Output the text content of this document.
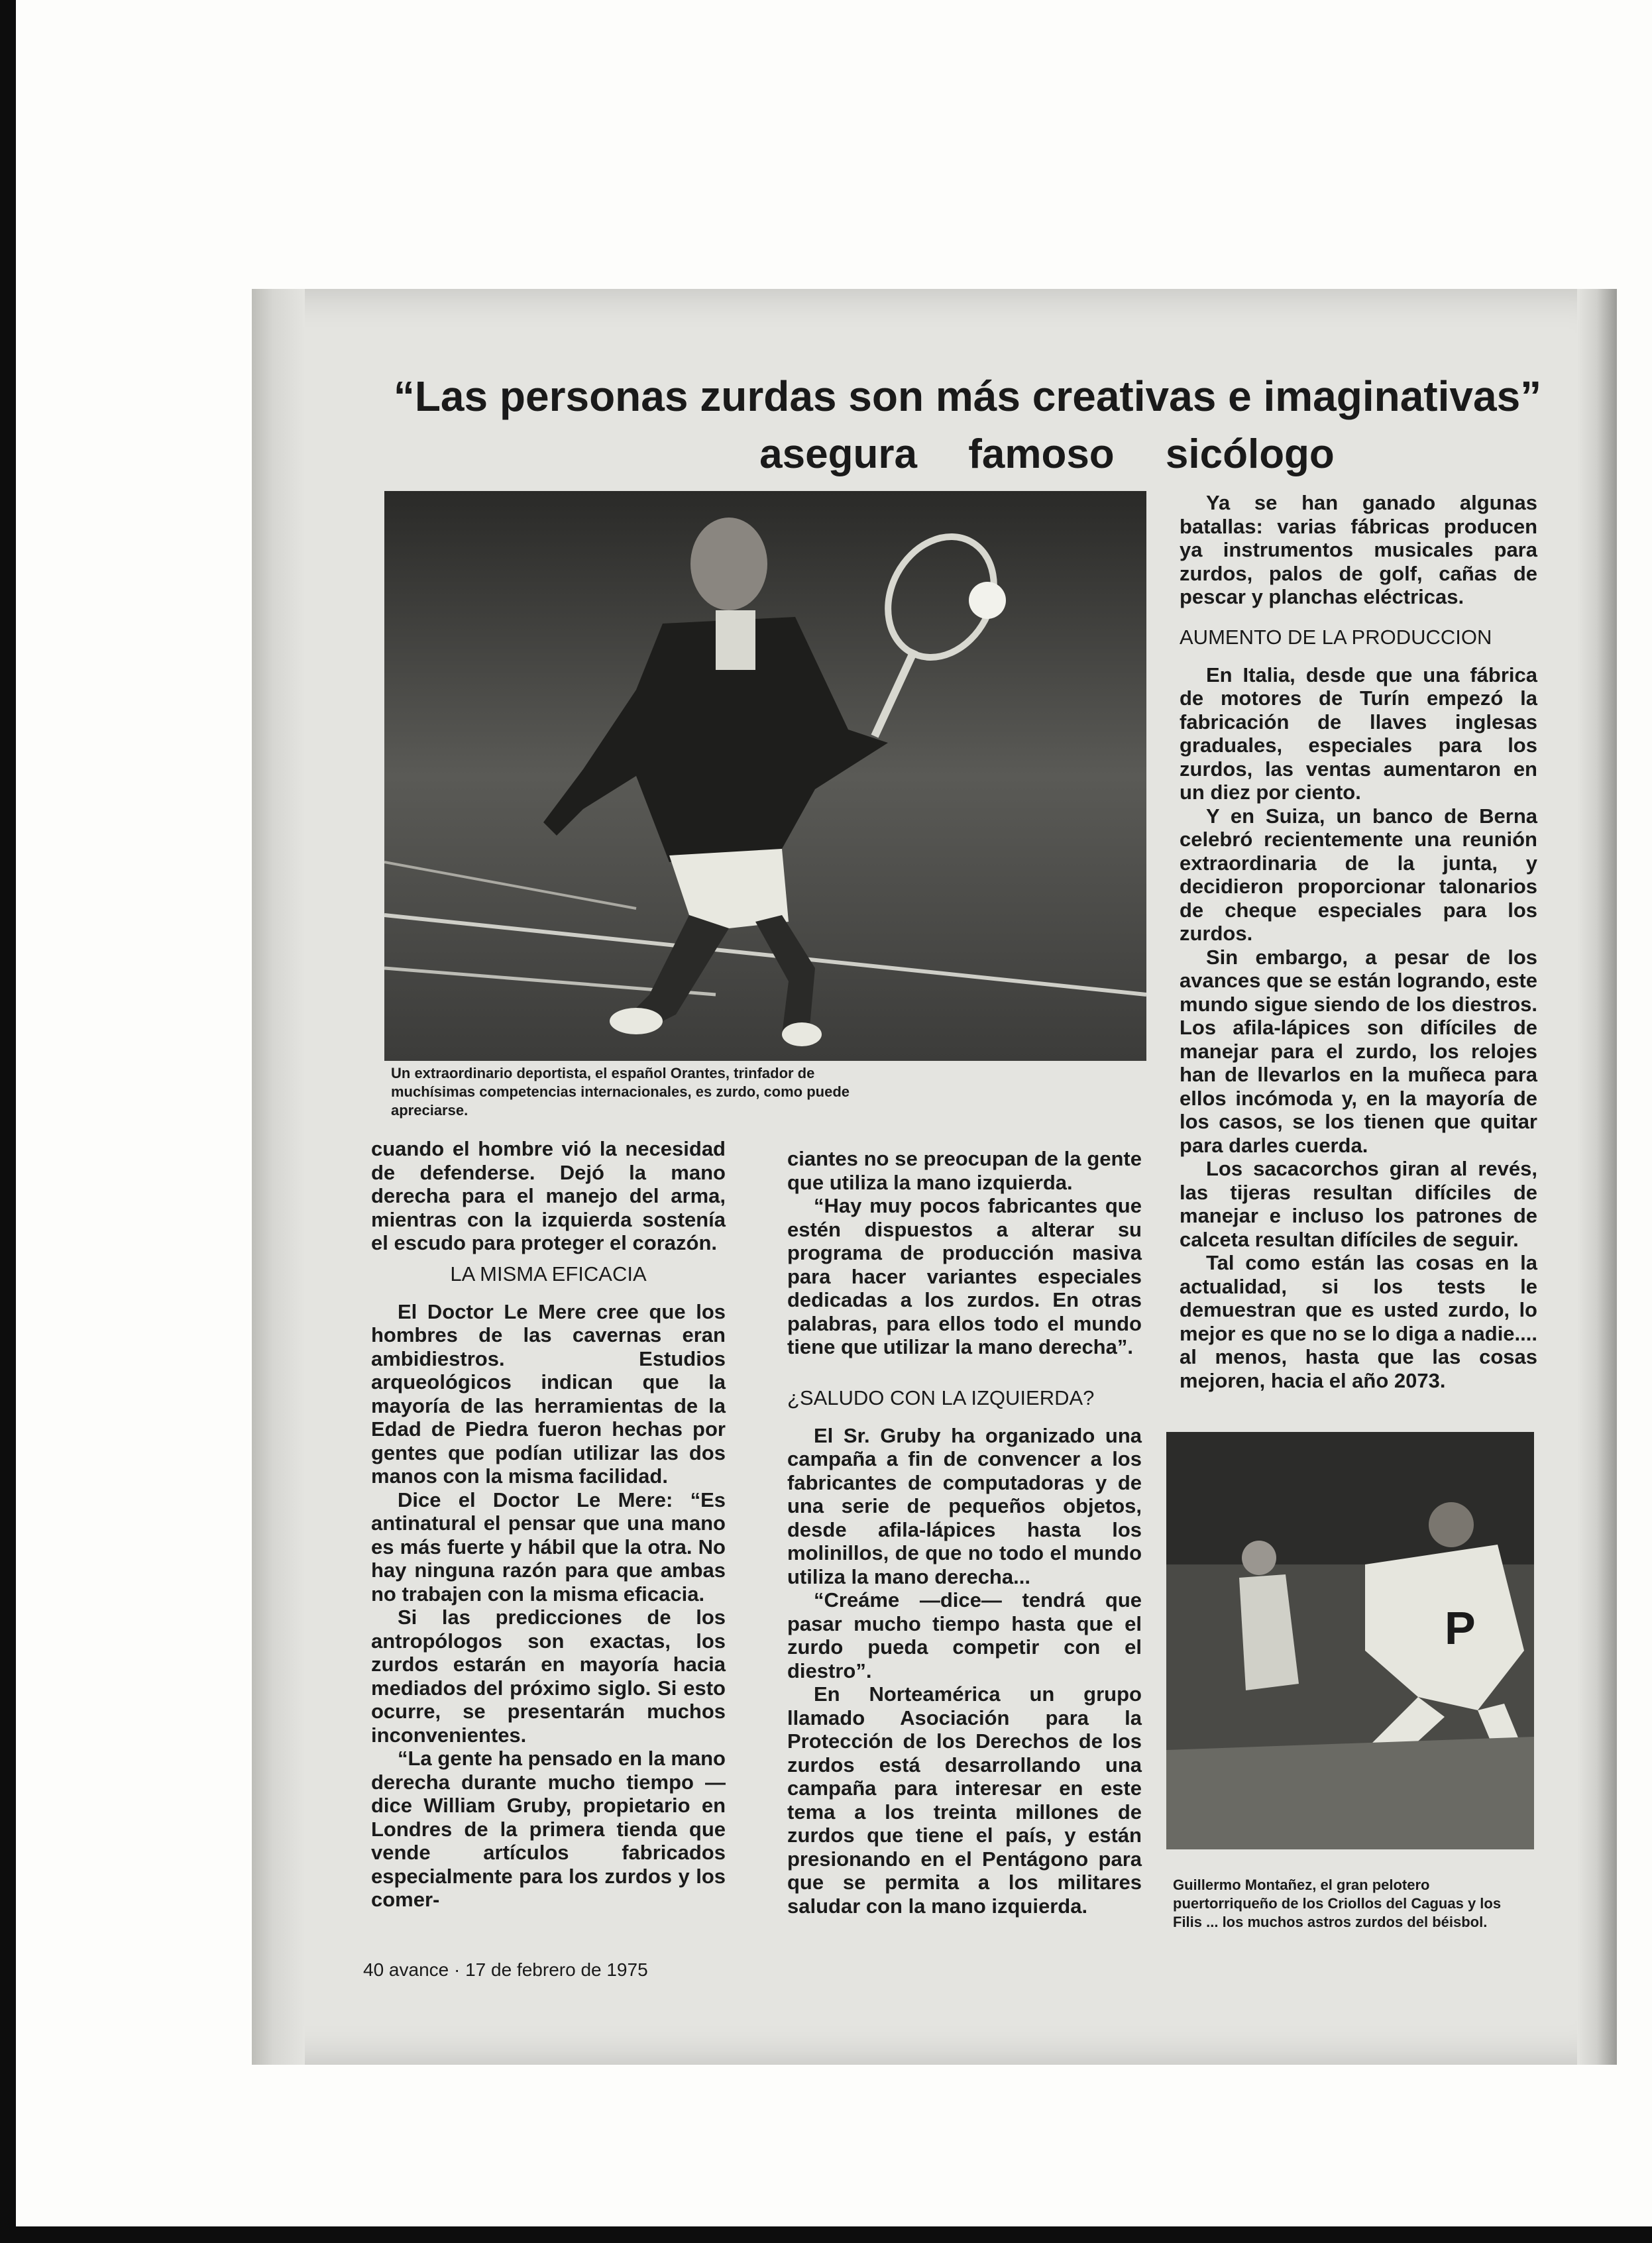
“Las personas zurdas son más creativas e imaginativas”
asegura famoso sicólogo
Un extraordinario deportista, el español Orantes, trinfador de muchísimas competencias internacionales, es zurdo, como puede apreciarse.
P
Guillermo Montañez, el gran pelotero puertorriqueño de los Criollos del Caguas y los Filis ... los muchos astros zurdos del béisbol.

cuando el hombre vió la necesidad de defenderse. Dejó la mano derecha para el manejo del arma, mientras con la izquierda sostenía el escudo para proteger el corazón.

LA MISMA EFICACIA

El Doctor Le Mere cree que los hombres de las cavernas eran ambidiestros. Estudios arqueológicos indican que la mayoría de las herramientas de la Edad de Piedra fueron hechas por gentes que podían utilizar las dos manos con la misma facilidad.

Dice el Doctor Le Mere: “Es antinatural el pensar que una mano es más fuerte y hábil que la otra. No hay ninguna razón para que ambas no trabajen con la misma eficacia.

Si las predicciones de los antropólogos son exactas, los zurdos estarán en mayoría hacia mediados del próximo siglo. Si esto ocurre, se presentarán muchos inconvenientes.

“La gente ha pensado en la mano derecha durante mucho tiempo —dice William Gruby, propietario en Londres de la primera tienda que vende artículos fabricados especialmente para los zurdos y los comer-

ciantes no se preocupan de la gente que utiliza la mano izquierda.

“Hay muy pocos fabricantes que estén dispuestos a alterar su programa de producción masiva para hacer variantes especiales dedicadas a los zurdos. En otras palabras, para ellos todo el mundo tiene que utilizar la mano derecha”.

¿SALUDO CON LA IZQUIERDA?

El Sr. Gruby ha organizado una campaña a fin de convencer a los fabricantes de computadoras y de una serie de pequeños objetos, desde afila-lápices hasta los molinillos, de que no todo el mundo utiliza la mano derecha...

“Creáme —dice— tendrá que pasar mucho tiempo hasta que el zurdo pueda competir con el diestro”.

En Norteamérica un grupo llamado Asociación para la Protección de los Derechos de los zurdos está desarrollando una campaña para interesar en este tema a los treinta millones de zurdos que tiene el país, y están presionando en el Pentágono para que se permita a los militares saludar con la mano izquierda.

Ya se han ganado algunas batallas: varias fábricas producen ya instrumentos musicales para zurdos, palos de golf, cañas de pescar y planchas eléctricas.

AUMENTO DE LA PRODUCCION

En Italia, desde que una fábrica de motores de Turín empezó la fabricación de llaves inglesas graduales, especiales para los zurdos, las ventas aumentaron en un diez por ciento.

Y en Suiza, un banco de Berna celebró recientemente una reunión extraordinaria de la junta, y decidieron proporcionar talonarios de cheque especiales para los zurdos.

Sin embargo, a pesar de los avances que se están logrando, este mundo sigue siendo de los diestros. Los afila-lápices son difíciles de manejar para el zurdo, los relojes han de llevarlos en la muñeca para ellos incómoda y, en la mayoría de los casos, se los tienen que quitar para darles cuerda.

Los sacacorchos giran al revés, las tijeras resultan difíciles de manejar e incluso los patrones de calceta resultan difíciles de seguir.

Tal como están las cosas en la actualidad, si los tests le demuestran que es usted zurdo, lo mejor es que no se lo diga a nadie.... al menos, hasta que las cosas mejoren, hacia el año 2073.

40 avance · 17 de febrero de 1975
